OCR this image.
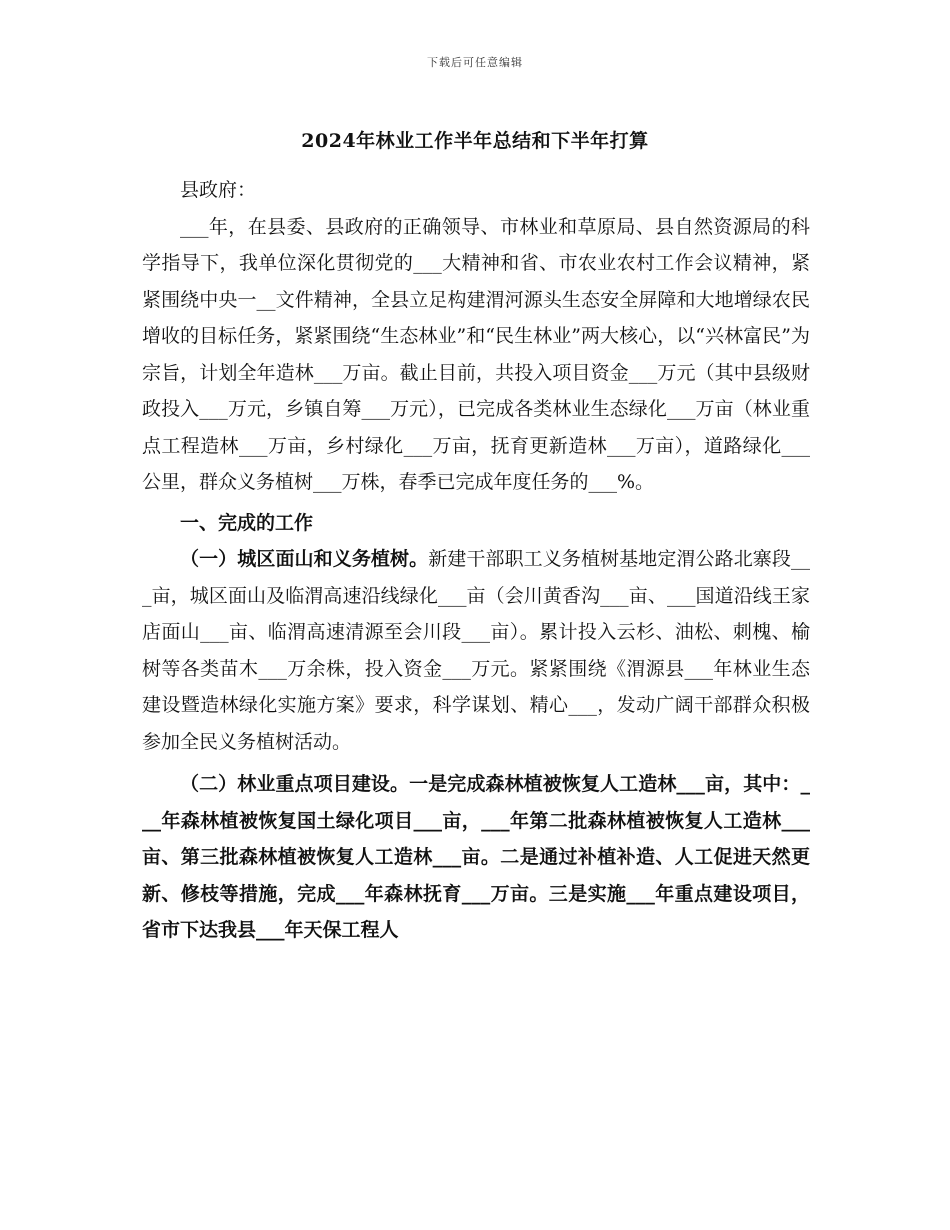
下载后可任意编辑
2024年林业工作半年总结和下半年打算

县政府：

___年，在县委、县政府的正确领导、市林业和草原局、县自然资源局的科学指导下，我单位深化贯彻党的___大精神和省、市农业农村工作会议精神，紧紧围绕中央一__文件精神，全县立足构建渭河源头生态安全屏障和大地增绿农民增收的目标任务，紧紧围绕“生态林业”和“民生林业”两大核心，以“兴林富民”为宗旨，计划全年造林___万亩。截止目前，共投入项目资金___万元（其中县级财政投入___万元，乡镇自筹___万元），已完成各类林业生态绿化___万亩（林业重点工程造林___万亩，乡村绿化___万亩，抚育更新造林___万亩），道路绿化___公里，群众义务植树___万株，春季已完成年度任务的___%。

一、完成的工作

（一）城区面山和义务植树。新建干部职工义务植树基地定渭公路北寨段___亩，城区面山及临渭高速沿线绿化___亩（会川黄香沟___亩、___国道沿线王家店面山___亩、临渭高速清源至会川段___亩）。累计投入云杉、油松、刺槐、榆树等各类苗木___万余株，投入资金___万元。紧紧围绕《渭源县___年林业生态建设暨造林绿化实施方案》要求，科学谋划、精心___，发动广阔干部群众积极参加全民义务植树活动。

（二）林业重点项目建设。一是完成森林植被恢复人工造林___亩，其中：___年森林植被恢复国土绿化项目___亩，___年第二批森林植被恢复人工造林___亩、第三批森林植被恢复人工造林___亩。二是通过补植补造、人工促进天然更新、修枝等措施，完成___年森林抚育___万亩。三是实施___年重点建设项目，省市下达我县___年天保工程人
